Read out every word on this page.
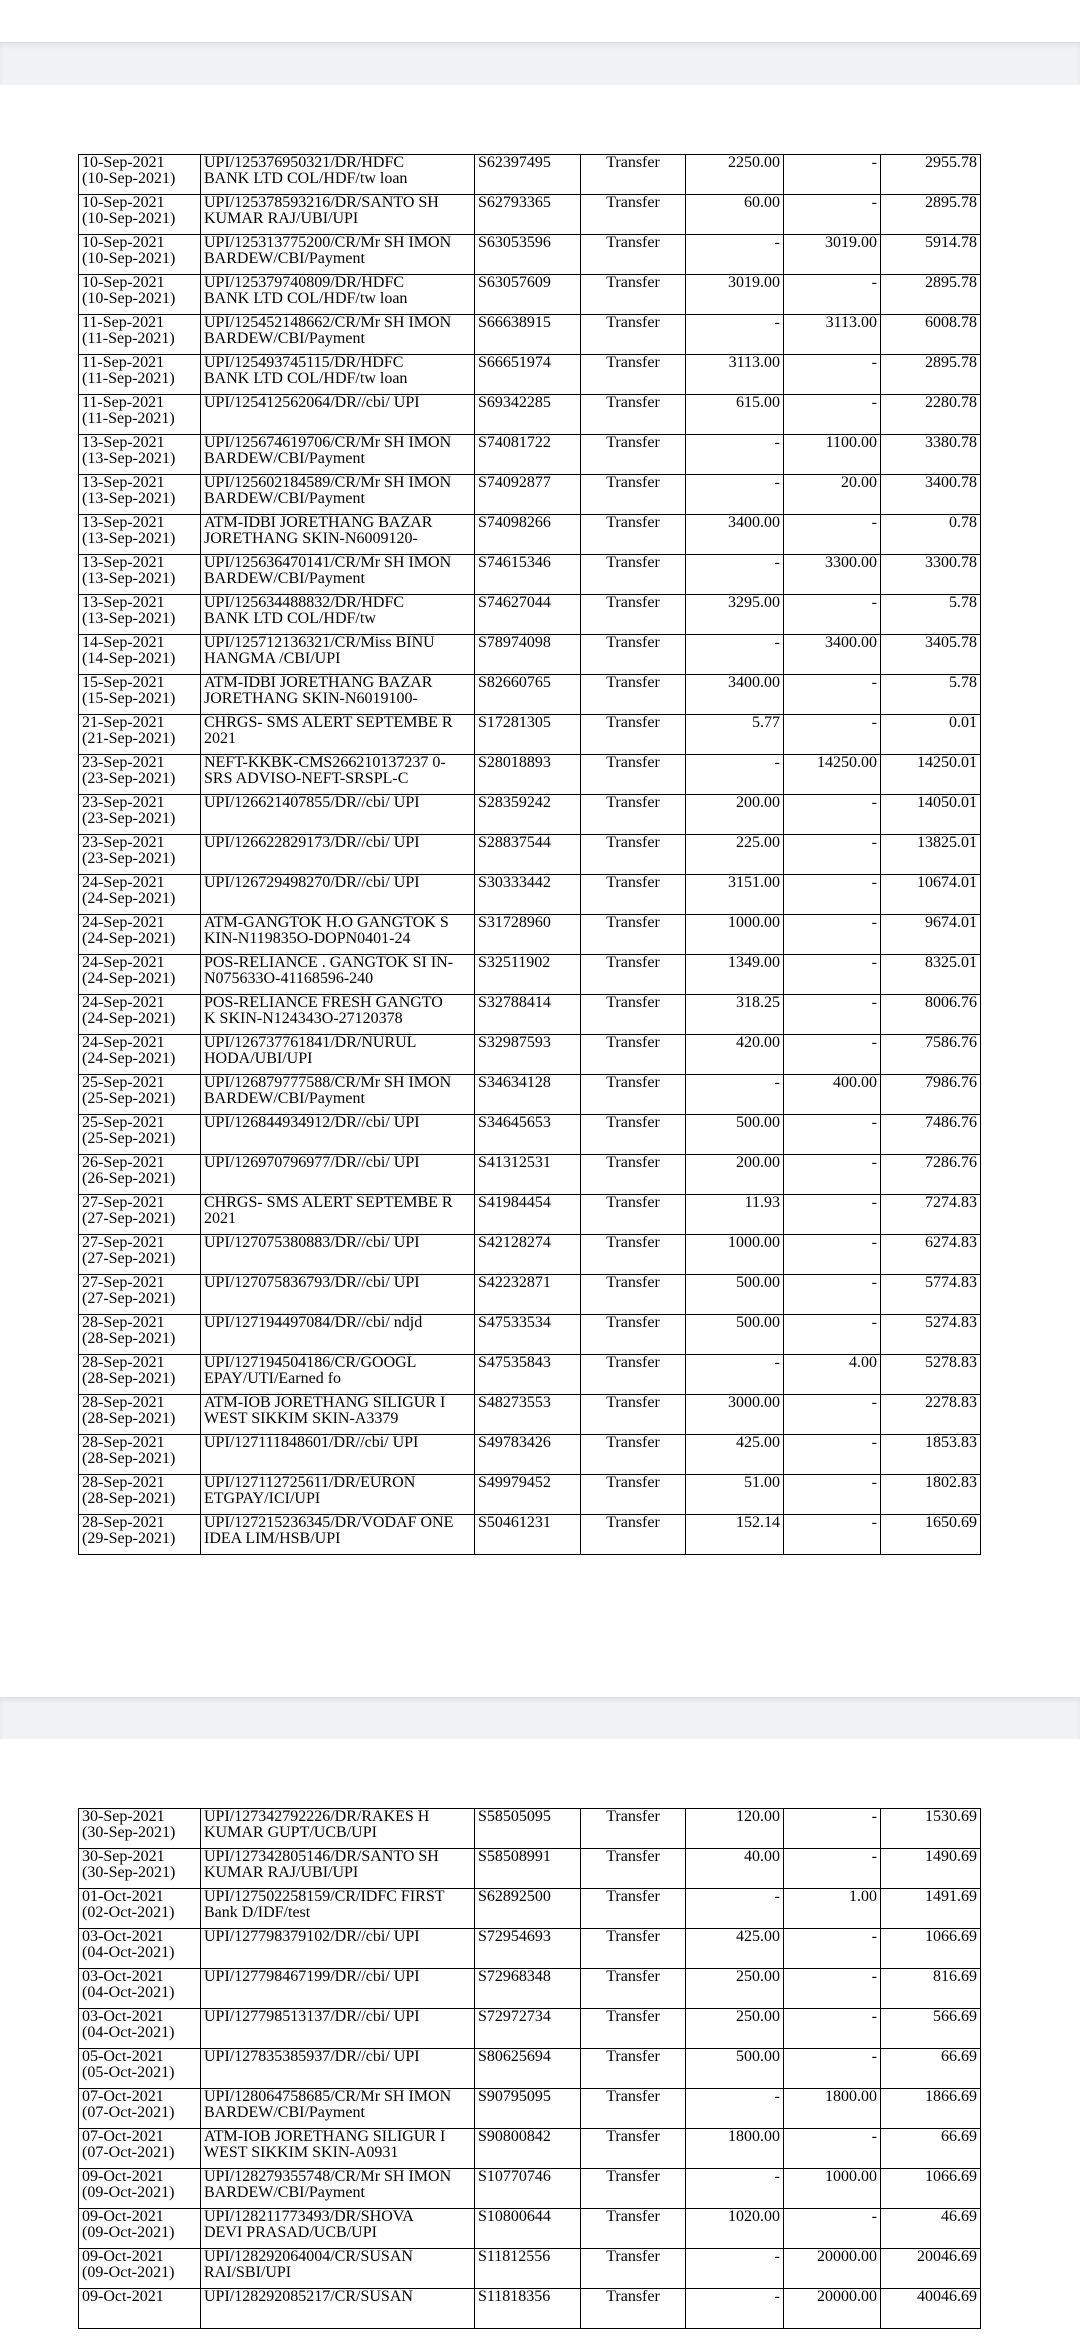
10-Sep-2021
(10-Sep-2021)	UPI/125376950321/DR/HDFC
BANK LTD COL/HDF/tw loan	S62397495	Transfer	2250.00	-	2955.78

10-Sep-2021
(10-Sep-2021)	UPI/125378593216/DR/SANTO SH
KUMAR RAJ/UBI/UPI	S62793365	Transfer	60.00	-	2895.78

10-Sep-2021
(10-Sep-2021)	UPI/125313775200/CR/Mr SH IMON
BARDEW/CBI/Payment	S63053596	Transfer	-	3019.00	5914.78

10-Sep-2021
(10-Sep-2021)	UPI/125379740809/DR/HDFC
BANK LTD COL/HDF/tw loan	S63057609	Transfer	3019.00	-	2895.78

11-Sep-2021
(11-Sep-2021)	UPI/125452148662/CR/Mr SH IMON
BARDEW/CBI/Payment	S66638915	Transfer	-	3113.00	6008.78

11-Sep-2021
(11-Sep-2021)	UPI/125493745115/DR/HDFC
BANK LTD COL/HDF/tw loan	S66651974	Transfer	3113.00	-	2895.78

11-Sep-2021
(11-Sep-2021)	UPI/125412562064/DR//cbi/ UPI	S69342285	Transfer	615.00	-	2280.78

13-Sep-2021
(13-Sep-2021)	UPI/125674619706/CR/Mr SH IMON
BARDEW/CBI/Payment	S74081722	Transfer	-	1100.00	3380.78

13-Sep-2021
(13-Sep-2021)	UPI/125602184589/CR/Mr SH IMON
BARDEW/CBI/Payment	S74092877	Transfer	-	20.00	3400.78

13-Sep-2021
(13-Sep-2021)	ATM-IDBI JORETHANG BAZAR
JORETHANG SKIN-N6009120-	S74098266	Transfer	3400.00	-	0.78

13-Sep-2021
(13-Sep-2021)	UPI/125636470141/CR/Mr SH IMON
BARDEW/CBI/Payment	S74615346	Transfer	-	3300.00	3300.78

13-Sep-2021
(13-Sep-2021)	UPI/125634488832/DR/HDFC
BANK LTD COL/HDF/tw	S74627044	Transfer	3295.00	-	5.78

14-Sep-2021
(14-Sep-2021)	UPI/125712136321/CR/Miss BINU
HANGMA /CBI/UPI	S78974098	Transfer	-	3400.00	3405.78

15-Sep-2021
(15-Sep-2021)	ATM-IDBI JORETHANG BAZAR
JORETHANG SKIN-N6019100-	S82660765	Transfer	3400.00	-	5.78

21-Sep-2021
(21-Sep-2021)	CHRGS- SMS ALERT SEPTEMBE R
2021	S17281305	Transfer	5.77	-	0.01

23-Sep-2021
(23-Sep-2021)	NEFT-KKBK-CMS266210137237 0-
SRS ADVISO-NEFT-SRSPL-C	S28018893	Transfer	-	14250.00	14250.01

23-Sep-2021
(23-Sep-2021)	UPI/126621407855/DR//cbi/ UPI	S28359242	Transfer	200.00	-	14050.01

23-Sep-2021
(23-Sep-2021)	UPI/126622829173/DR//cbi/ UPI	S28837544	Transfer	225.00	-	13825.01

24-Sep-2021
(24-Sep-2021)	UPI/126729498270/DR//cbi/ UPI	S30333442	Transfer	3151.00	-	10674.01

24-Sep-2021
(24-Sep-2021)	ATM-GANGTOK H.O GANGTOK S
KIN-N119835O-DOPN0401-24	S31728960	Transfer	1000.00	-	9674.01

24-Sep-2021
(24-Sep-2021)	POS-RELIANCE . GANGTOK SI IN-
N075633O-41168596-240	S32511902	Transfer	1349.00	-	8325.01

24-Sep-2021
(24-Sep-2021)	POS-RELIANCE FRESH GANGTO
K SKIN-N124343O-27120378	S32788414	Transfer	318.25	-	8006.76

24-Sep-2021
(24-Sep-2021)	UPI/126737761841/DR/NURUL
HODA/UBI/UPI	S32987593	Transfer	420.00	-	7586.76

25-Sep-2021
(25-Sep-2021)	UPI/126879777588/CR/Mr SH IMON
BARDEW/CBI/Payment	S34634128	Transfer	-	400.00	7986.76

25-Sep-2021
(25-Sep-2021)	UPI/126844934912/DR//cbi/ UPI	S34645653	Transfer	500.00	-	7486.76

26-Sep-2021
(26-Sep-2021)	UPI/126970796977/DR//cbi/ UPI	S41312531	Transfer	200.00	-	7286.76

27-Sep-2021
(27-Sep-2021)	CHRGS- SMS ALERT SEPTEMBE R
2021	S41984454	Transfer	11.93	-	7274.83

27-Sep-2021
(27-Sep-2021)	UPI/127075380883/DR//cbi/ UPI	S42128274	Transfer	1000.00	-	6274.83

27-Sep-2021
(27-Sep-2021)	UPI/127075836793/DR//cbi/ UPI	S42232871	Transfer	500.00	-	5774.83

28-Sep-2021
(28-Sep-2021)	UPI/127194497084/DR//cbi/ ndjd	S47533534	Transfer	500.00	-	5274.83

28-Sep-2021
(28-Sep-2021)	UPI/127194504186/CR/GOOGL
EPAY/UTI/Earned fo	S47535843	Transfer	-	4.00	5278.83

28-Sep-2021
(28-Sep-2021)	ATM-IOB JORETHANG SILIGUR I
WEST SIKKIM SKIN-A3379	S48273553	Transfer	3000.00	-	2278.83

28-Sep-2021
(28-Sep-2021)	UPI/127111848601/DR//cbi/ UPI	S49783426	Transfer	425.00	-	1853.83

28-Sep-2021
(28-Sep-2021)	UPI/127112725611/DR/EURON
ETGPAY/ICI/UPI	S49979452	Transfer	51.00	-	1802.83

28-Sep-2021
(29-Sep-2021)	UPI/127215236345/DR/VODAF ONE
IDEA LIM/HSB/UPI	S50461231	Transfer	152.14	-	1650.69
30-Sep-2021
(30-Sep-2021)	UPI/127342792226/DR/RAKES H
KUMAR GUPT/UCB/UPI	S58505095	Transfer	120.00	-	1530.69

30-Sep-2021
(30-Sep-2021)	UPI/127342805146/DR/SANTO SH
KUMAR RAJ/UBI/UPI	S58508991	Transfer	40.00	-	1490.69

01-Oct-2021
(02-Oct-2021)	UPI/127502258159/CR/IDFC FIRST
Bank D/IDF/test	S62892500	Transfer	-	1.00	1491.69

03-Oct-2021
(04-Oct-2021)	UPI/127798379102/DR//cbi/ UPI	S72954693	Transfer	425.00	-	1066.69

03-Oct-2021
(04-Oct-2021)	UPI/127798467199/DR//cbi/ UPI	S72968348	Transfer	250.00	-	816.69

03-Oct-2021
(04-Oct-2021)	UPI/127798513137/DR//cbi/ UPI	S72972734	Transfer	250.00	-	566.69

05-Oct-2021
(05-Oct-2021)	UPI/127835385937/DR//cbi/ UPI	S80625694	Transfer	500.00	-	66.69

07-Oct-2021
(07-Oct-2021)	UPI/128064758685/CR/Mr SH IMON
BARDEW/CBI/Payment	S90795095	Transfer	-	1800.00	1866.69

07-Oct-2021
(07-Oct-2021)	ATM-IOB JORETHANG SILIGUR I
WEST SIKKIM SKIN-A0931	S90800842	Transfer	1800.00	-	66.69

09-Oct-2021
(09-Oct-2021)	UPI/128279355748/CR/Mr SH IMON
BARDEW/CBI/Payment	S10770746	Transfer	-	1000.00	1066.69

09-Oct-2021
(09-Oct-2021)	UPI/128211773493/DR/SHOVA
DEVI PRASAD/UCB/UPI	S10800644	Transfer	1020.00	-	46.69

09-Oct-2021
(09-Oct-2021)	UPI/128292064004/CR/SUSAN
RAI/SBI/UPI	S11812556	Transfer	-	20000.00	20046.69

09-Oct-2021	UPI/128292085217/CR/SUSAN	S11818356	Transfer	-	20000.00	40046.69
